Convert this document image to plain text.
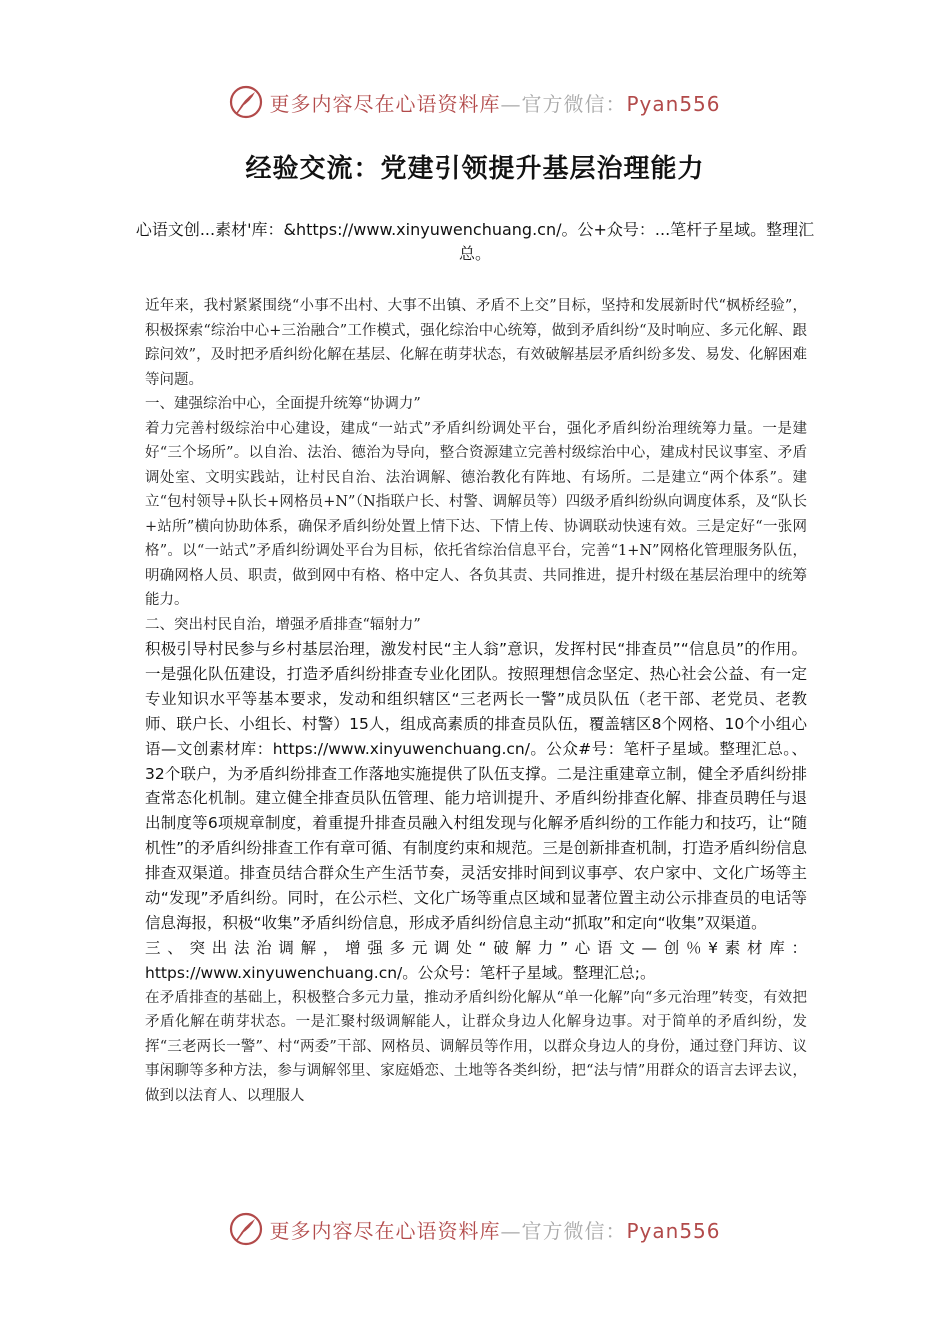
更多内容尽在心语资料库—官方微信：Pyan556
经验交流：党建引领提升基层治理能力
心语文创...素材'库：&https://www.xinyuwenchuang.cn/。公+众号：...笔杆子星域。整理汇总。

近年来，我村紧紧围绕“小事不出村、大事不出镇、矛盾不上交”目标，坚持和发展新时代“枫桥经验”，积极探索“综治中心+三治融合”工作模式，强化综治中心统筹，做到矛盾纠纷“及时响应、多元化解、跟踪问效”，及时把矛盾纠纷化解在基层、化解在萌芽状态，有效破解基层矛盾纠纷多发、易发、化解困难等问题。

一、建强综治中心，全面提升统筹“协调力”

着力完善村级综治中心建设，建成“一站式”矛盾纠纷调处平台，强化矛盾纠纷治理统筹力量。一是建好“三个场所”。以自治、法治、德治为导向，整合资源建立完善村级综治中心，建成村民议事室、矛盾调处室、文明实践站，让村民自治、法治调解、德治教化有阵地、有场所。二是建立“两个体系”。建立“包村领导+队长+网格员+N”（N指联户长、村警、调解员等）四级矛盾纠纷纵向调度体系，及“队长+站所”横向协助体系，确保矛盾纠纷处置上情下达、下情上传、协调联动快速有效。三是定好“一张网格”。以“一站式”矛盾纠纷调处平台为目标，依托省综治信息平台，完善“1+N”网格化管理服务队伍，明确网格人员、职责，做到网中有格、格中定人、各负其责、共同推进，提升村级在基层治理中的统筹能力。

二、突出村民自治，增强矛盾排查“辐射力”

积极引导村民参与乡村基层治理，激发村民“主人翁”意识，发挥村民“排查员”“信息员”的作用。一是强化队伍建设，打造矛盾纠纷排查专业化团队。按照理想信念坚定、热心社会公益、有一定专业知识水平等基本要求，发动和组织辖区“三老两长一警”成员队伍（老干部、老党员、老教师、联户长、小组长、村警）15人，组成高素质的排查员队伍，覆盖辖区8个网格、10个小组心语—文创素材库：https://www.xinyuwenchuang.cn/。公众#号：笔杆子星域。整理汇总。、32个联户，为矛盾纠纷排查工作落地实施提供了队伍支撑。二是注重建章立制，健全矛盾纠纷排查常态化机制。建立健全排查员队伍管理、能力培训提升、矛盾纠纷排查化解、排查员聘任与退出制度等6项规章制度，着重提升排查员融入村组发现与化解矛盾纠纷的工作能力和技巧，让“随机性”的矛盾纠纷排查工作有章可循、有制度约束和规范。三是创新排查机制，打造矛盾纠纷信息排查双渠道。排查员结合群众生产生活节奏，灵活安排时间到议事亭、农户家中、文化广场等主动“发现”矛盾纠纷。同时，在公示栏、文化广场等重点区域和显著位置主动公示排查员的电话等信息海报，积极“收集”矛盾纠纷信息，形成矛盾纠纷信息主动“抓取”和定向“收集”双渠道。

三、突出法治调解，增强多元调处“破解力”心语文—创％¥素材库：https://www.xinyuwenchuang.cn/。公众号：笔杆子星域。整理汇总;。

在矛盾排查的基础上，积极整合多元力量，推动矛盾纠纷化解从“单一化解”向“多元治理”转变，有效把矛盾化解在萌芽状态。一是汇聚村级调解能人，让群众身边人化解身边事。对于简单的矛盾纠纷，发挥“三老两长一警”、村“两委”干部、网格员、调解员等作用，以群众身边人的身份，通过登门拜访、议事闲聊等多种方法，参与调解邻里、家庭婚恋、土地等各类纠纷，把“法与情”用群众的语言去评去议，做到以法育人、以理服人

更多内容尽在心语资料库—官方微信：Pyan556
